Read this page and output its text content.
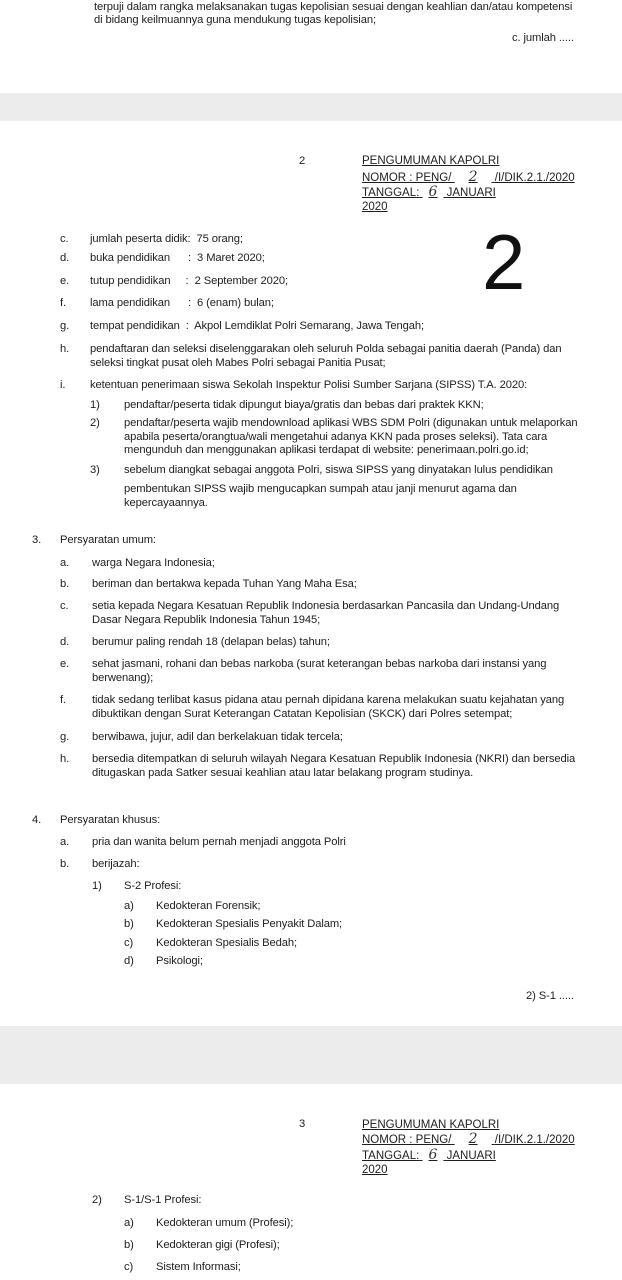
terpuji dalam rangka melaksanakan tugas kepolisian sesuai dengan keahlian dan/atau kompetensi
di bidang keilmuannya guna mendukung tugas kepolisian;
c. jumlah .....
2	PENGUMUMAN KAPOLRI
NOMOR : PENG/ 2 /I/DIK.2.1./2020
TANGGAL: 6 JANUARI 2020
2
c. jumlah peserta didik:  75 orang;
d. buka pendidikan      :  3 Maret 2020;
e. tutup pendidikan     :  2 September 2020;
f. lama pendidikan      :  6 (enam) bulan;
g. tempat pendidikan  :  Akpol Lemdiklat Polri Semarang, Jawa Tengah;
h. pendaftaran dan seleksi diselenggarakan oleh seluruh Polda sebagai panitia daerah (Panda) dan
seleksi tingkat pusat oleh Mabes Polri sebagai Panitia Pusat;
i. ketentuan penerimaan siswa Sekolah Inspektur Polisi Sumber Sarjana (SIPSS) T.A. 2020:
1) pendaftar/peserta tidak dipungut biaya/gratis dan bebas dari praktek KKN;
2) pendaftar/peserta wajib mendownload aplikasi WBS SDM Polri (digunakan untuk melaporkan
apabila peserta/orangtua/wali mengetahui adanya KKN pada proses seleksi). Tata cara
mengunduh dan menggunakan aplikasi terdapat di website: penerimaan.polri.go.id;
3) sebelum diangkat sebagai anggota Polri, siswa SIPSS yang dinyatakan lulus pendidikan
pembentukan SIPSS wajib mengucapkan sumpah atau janji menurut agama dan
kepercayaannya.
3. Persyaratan umum:
a. warga Negara Indonesia;
b. beriman dan bertakwa kepada Tuhan Yang Maha Esa;
c. setia kepada Negara Kesatuan Republik Indonesia berdasarkan Pancasila dan Undang-Undang
Dasar Negara Republik Indonesia Tahun 1945;
d. berumur paling rendah 18 (delapan belas) tahun;
e. sehat jasmani, rohani dan bebas narkoba (surat keterangan bebas narkoba dari instansi yang
berwenang);
f. tidak sedang terlibat kasus pidana atau pernah dipidana karena melakukan suatu kejahatan yang
dibuktikan dengan Surat Keterangan Catatan Kepolisian (SKCK) dari Polres setempat;
g. berwibawa, jujur, adil dan berkelakuan tidak tercela;
h. bersedia ditempatkan di seluruh wilayah Negara Kesatuan Republik Indonesia (NKRI) dan bersedia
ditugaskan pada Satker sesuai keahlian atau latar belakang program studinya.
4. Persyaratan khusus:
a. pria dan wanita belum pernah menjadi anggota Polri
b. berijazah:
1) S-2 Profesi:
a) Kedokteran Forensik;
b) Kedokteran Spesialis Penyakit Dalam;
c) Kedokteran Spesialis Bedah;
d) Psikologi;
2) S-1 .....
3	PENGUMUMAN KAPOLRI
NOMOR : PENG/ 2 /I/DIK.2.1./2020
TANGGAL: 6 JANUARI 2020
2) S-1/S-1 Profesi:
a) Kedokteran umum (Profesi);
b) Kedokteran gigi (Profesi);
c) Sistem Informasi;
